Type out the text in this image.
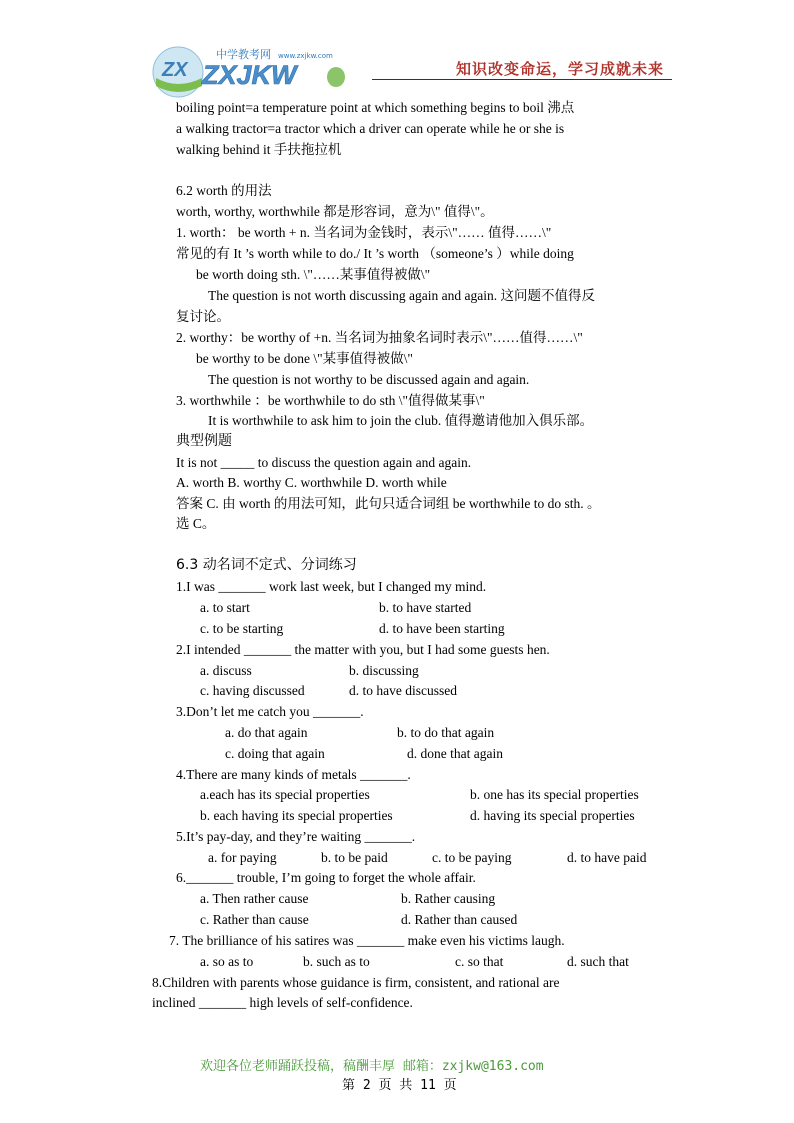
ZX
中学教考网 www.zxjkw.com
ZXJKW	知识改变命运，学习成就未来
boiling point=a temperature point at which something begins to boil 沸点
a walking tractor=a tractor which a driver can operate while he or she is
walking behind it 手扶拖拉机
6.2 worth 的用法
worth, worthy, worthwhile 都是形容词，意为\" 值得\"。
1. worth： be worth + n. 当名词为金钱时，表示\"…… 值得……\"
常见的有 It ’s worth while to do./ It ’s worth （someone’s ）while doing
be worth doing sth. \"……某事值得被做\"
The question is not worth discussing again and again. 这问题不值得反
复讨论。
2. worthy：be worthy of +n. 当名词为抽象名词时表示\"……值得……\"
be worthy to be done \"某事值得被做\"
The question is not worthy to be discussed again and again.
3. worthwhile ：be worthwhile to do sth \"值得做某事\"
It is worthwhile to ask him to join the club. 值得邀请他加入俱乐部。
典型例题
It is not _____ to discuss the question again and again.
A. worth B. worthy C. worthwhile D. worth while
答案 C. 由 worth 的用法可知，此句只适合词组 be worthwhile to do sth. 。
选 C。
6.3 动名词不定式、分词练习
1.I was _______ work last week, but I changed my mind.
a. to start	b. to have started
c. to be starting	d. to have been starting
2.I intended _______ the matter with you, but I had some guests hen.
a. discuss	b. discussing
c. having discussed	d. to have discussed
3.Don’t let me catch you _______.
a. do that again	b. to do that again
c. doing that again	d. done that again
4.There are many kinds of metals _______.
a.each has its special properties	b. one has its special properties
b. each having its special properties	d. having its special properties
5.It’s pay-day, and they’re waiting _______.
a. for paying	b. to be paid	c. to be paying	d. to have paid
6._______ trouble, I’m going to forget the whole affair.
a. Then rather cause	b. Rather causing
c. Rather than cause	d. Rather than caused
7. The brilliance of his satires was _______ make even his victims laugh.
a. so as to	b. such as to	c. so that	d. such that
8.Children with parents whose guidance is firm, consistent, and rational are
inclined _______ high levels of self-confidence.
欢迎各位老师踊跃投稿，稿酬丰厚 邮箱：zxjkw@163.com
第 2 页 共 11 页
